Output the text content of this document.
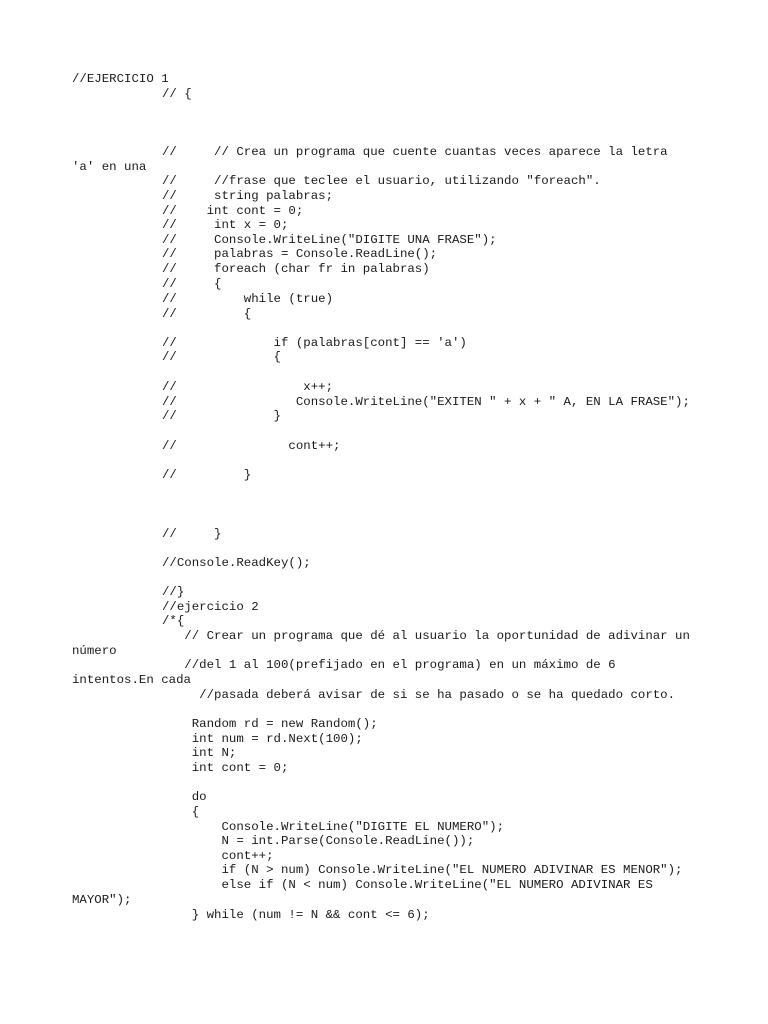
//EJERCICIO 1
// {
//     // Crea un programa que cuente cuantas veces aparece la letra
'a' en una
//     //frase que teclee el usuario, utilizando "foreach".
//     string palabras;
//    int cont = 0;
//     int x = 0;
//     Console.WriteLine("DIGITE UNA FRASE");
//     palabras = Console.ReadLine();
//     foreach (char fr in palabras)
//     {
//         while (true)
//         {
//             if (palabras[cont] == 'a')
//             {
//                 x++;
//                Console.WriteLine("EXITEN " + x + " A, EN LA FRASE");
//             }
//               cont++;
//         }
//     }
//Console.ReadKey();
//}
//ejercicio 2
/*{
// Crear un programa que dé al usuario la oportunidad de adivinar un
número
//del 1 al 100(prefijado en el programa) en un máximo de 6
intentos.En cada
//pasada deberá avisar de si se ha pasado o se ha quedado corto.
Random rd = new Random();
int num = rd.Next(100);
int N;
int cont = 0;
do
{
Console.WriteLine("DIGITE EL NUMERO");
N = int.Parse(Console.ReadLine());
cont++;
if (N > num) Console.WriteLine("EL NUMERO ADIVINAR ES MENOR");
else if (N < num) Console.WriteLine("EL NUMERO ADIVINAR ES
MAYOR");
} while (num != N && cont <= 6);
